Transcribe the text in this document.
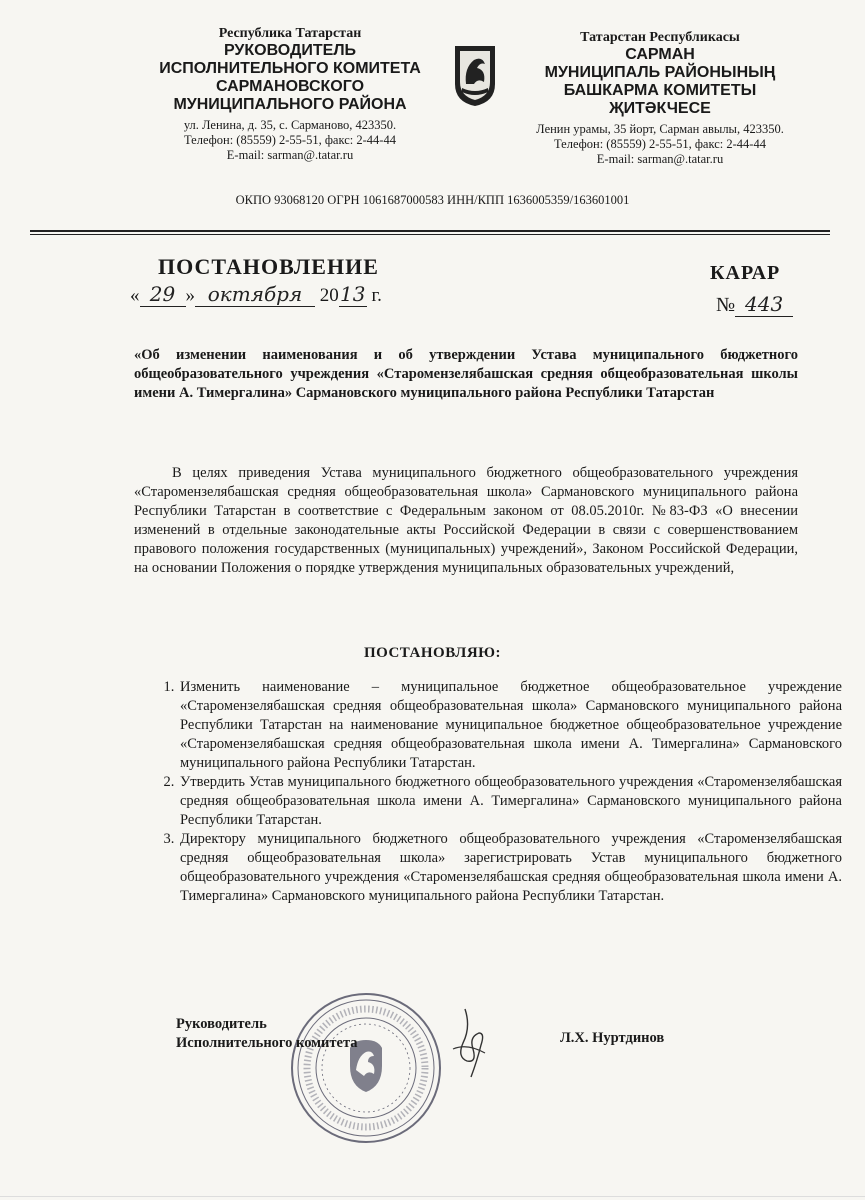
Республика Татарстан
РУКОВОДИТЕЛЬ
ИСПОЛНИТЕЛЬНОГО КОМИТЕТА
САРМАНОВСКОГО
МУНИЦИПАЛЬНОГО РАЙОНА
ул. Ленина, д. 35, с. Сарманово, 423350.
Телефон: (85559) 2-55-51, факс: 2-44-44
E-mail: sarman@.tatar.ru
Татарстан Республикасы
САРМАН
МУНИЦИПАЛЬ РАЙОНЫНЫҢ
БАШКАРМА КОМИТЕТЫ
ҖИТӘКЧЕСЕ
Ленин урамы, 35 йорт, Сарман авылы, 423350.
Телефон: (85559) 2-55-51, факс: 2-44-44
E-mail: sarman@.tatar.ru
ОКПО 93068120 ОГРН 1061687000583 ИНН/КПП 1636005359/163601001
ПОСТАНОВЛЕНИЕ	КАРАР
« 29 » октября 2013 г.	№ 443
«Об изменении наименования и об утверждении Устава муниципального бюджетного общеобразовательного учреждения «Старомензелябашская средняя общеобразовательная школы имени А. Тимергалина» Сармановского муниципального района Республики Татарстан
В целях приведения Устава муниципального бюджетного общеобразовательного учреждения «Старомензелябашская средняя общеобразовательная школа» Сармановского муниципального района Республики Татарстан в соответствие с Федеральным законом от 08.05.2010г. №83-ФЗ «О внесении изменений в отдельные законодательные акты Российской Федерации в связи с совершенствованием правового положения государственных (муниципальных) учреждений», Законом Российской Федерации, на основании Положения о порядке утверждения муниципальных образовательных учреждений,
ПОСТАНОВЛЯЮ:
1. Изменить наименование – муниципальное бюджетное общеобразовательное учреждение «Старомензелябашская средняя общеобразовательная школа» Сармановского муниципального района Республики Татарстан на наименование муниципальное бюджетное общеобразовательное учреждение «Старомензелябашская средняя общеобразовательная школа имени А. Тимергалина» Сармановского муниципального района Республики Татарстан.
2. Утвердить Устав муниципального бюджетного общеобразовательного учреждения «Старомензелябашская средняя общеобразовательная школа имени А. Тимергалина» Сармановского муниципального района Республики Татарстан.
3. Директору муниципального бюджетного общеобразовательного учреждения «Старомензелябашская средняя общеобразовательная школа» зарегистрировать Устав муниципального бюджетного общеобразовательного учреждения «Старомензелябашская средняя общеобразовательная школа имени А. Тимергалина» Сармановского муниципального района Республики Татарстан.
Руководитель
Исполнительного комитета	Л.Х. Нуртдинов
